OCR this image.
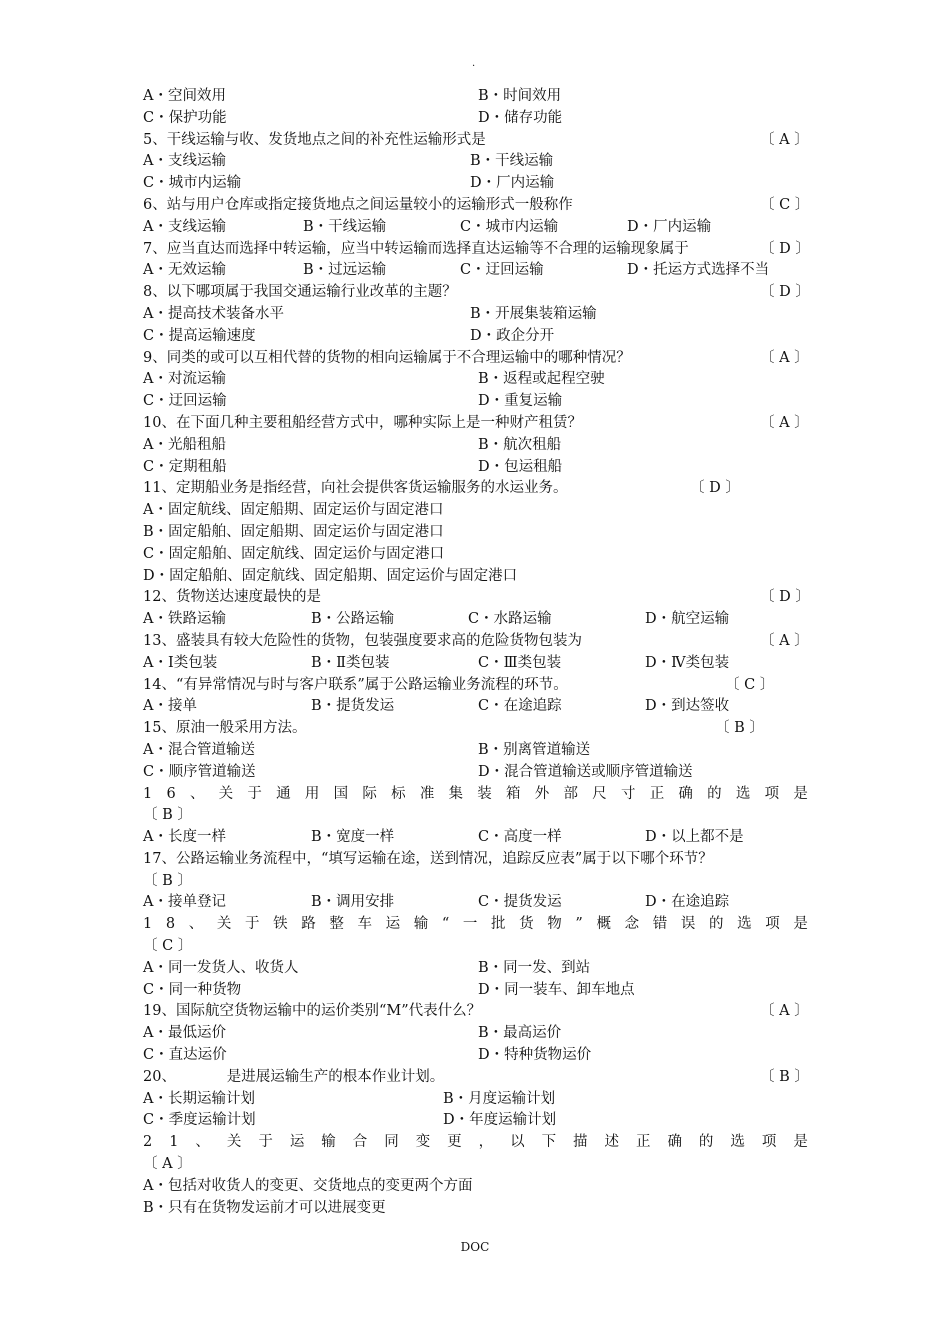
.
A・空间效用	B・时间效用
C・保护功能	D・储存功能
5、干线运输与收、发货地点之间的补充性运输形式是	〔 A 〕
A・支线运输	B・干线运输
C・城市内运输	D・厂内运输
6、站与用户仓库或指定接货地点之间运量较小的运输形式一般称作	〔 C 〕
A・支线运输	B・干线运输	C・城市内运输	D・厂内运输
7、应当直达而选择中转运输，应当中转运输而选择直达运输等不合理的运输现象属于	〔 D 〕
A・无效运输	B・过远运输	C・迂回运输	D・托运方式选择不当
8、以下哪项属于我国交通运输行业改革的主题？	〔 D 〕
A・提高技术装备水平	B・开展集装箱运输
C・提高运输速度	D・政企分开
9、同类的或可以互相代替的货物的相向运输属于不合理运输中的哪种情况？	〔 A 〕
A・对流运输	B・返程或起程空驶
C・迂回运输	D・重复运输
10、在下面几种主要租船经营方式中，哪种实际上是一种财产租赁？	〔 A 〕
A・光船租船	B・航次租船
C・定期租船	D・包运租船
11、定期船业务是指经营，向社会提供客货运输服务的水运业务。	〔 D 〕
A・固定航线、固定船期、固定运价与固定港口
B・固定船舶、固定船期、固定运价与固定港口
C・固定船舶、固定航线、固定运价与固定港口
D・固定船舶、固定航线、固定船期、固定运价与固定港口
12、货物送达速度最快的是	〔 D 〕
A・铁路运输	B・公路运输	C・水路运输	D・航空运输
13、盛装具有较大危险性的货物，包装强度要求高的危险货物包装为	〔 A 〕
A・Ⅰ类包装	B・Ⅱ类包装	C・Ⅲ类包装	D・Ⅳ类包装
14、“有异常情况与时与客户联系”属于公路运输业务流程的环节。	〔 C 〕
A・接单	B・提货发运	C・在途追踪	D・到达签收
15、原油一般采用方法。	〔 B 〕
A・混合管道输送	B・别离管道输送
C・顺序管道输送	D・混合管道输送或顺序管道输送
1 6 、 关 于 通 用 国 际 标 准 集 装 箱 外 部 尺 寸 正 确 的 选 项 是
〔 B 〕
A・长度一样	B・宽度一样	C・高度一样	D・以上都不是
17、公路运输业务流程中，“填写运输在途，送到情况，追踪反应表”属于以下哪个环节？
〔 B 〕
A・接单登记	B・调用安排	C・提货发运	D・在途追踪
1 8 、 关 于 铁 路 整 车 运 输 “ 一 批 货 物 ” 概 念 错 误 的 选 项 是
〔 C 〕
A・同一发货人、收货人	B・同一发、到站
C・同一种货物	D・同一装车、卸车地点
19、国际航空货物运输中的运价类别“M”代表什么？	〔 A 〕
A・最低运价	B・最高运价
C・直达运价	D・特种货物运价
20、　　　　是进展运输生产的根本作业计划。	〔 B 〕
A・长期运输计划	B・月度运输计划
C・季度运输计划	D・年度运输计划
2 1 、 关 于 运 输 合 同 变 更 ， 以 下 描 述 正 确 的 选 项 是
〔 A 〕
A・包括对收货人的变更、交货地点的变更两个方面
B・只有在货物发运前才可以进展变更
DOC
